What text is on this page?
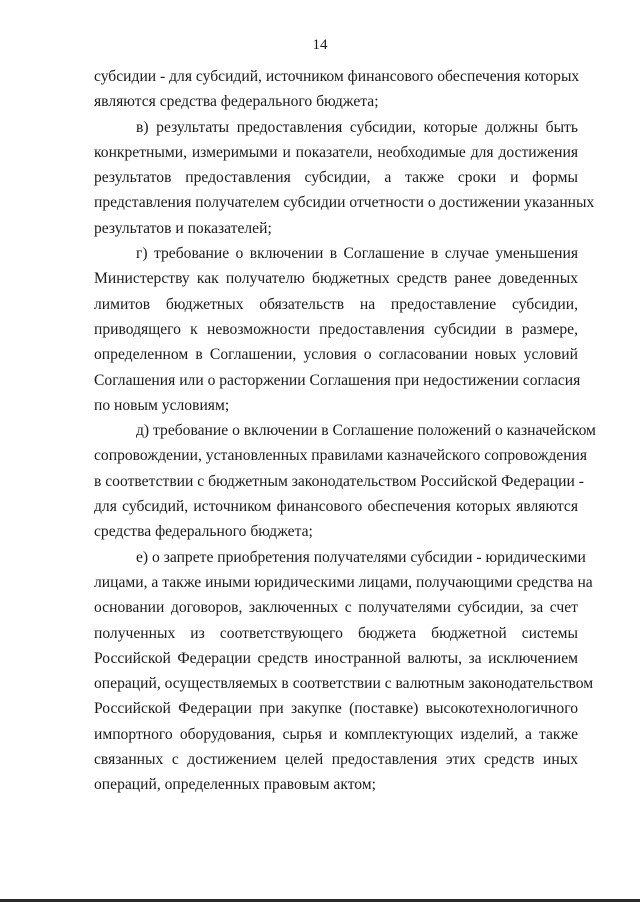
14
субсидии - для субсидий, источником финансового обеспечения которых
являются средства федерального бюджета;
в) результаты предоставления субсидии, которые должны быть
конкретными, измеримыми и показатели, необходимые для достижения
результатов предоставления субсидии, а также сроки и формы
представления получателем субсидии отчетности о достижении указанных
результатов и показателей;
г) требование о включении в Соглашение в случае уменьшения
Министерству как получателю бюджетных средств ранее доведенных
лимитов бюджетных обязательств на предоставление субсидии,
приводящего к невозможности предоставления субсидии в размере,
определенном в Соглашении, условия о согласовании новых условий
Соглашения или о расторжении Соглашения при недостижении согласия
по новым условиям;
д) требование о включении в Соглашение положений о казначейском
сопровождении, установленных правилами казначейского сопровождения
в соответствии с бюджетным законодательством Российской Федерации -
для субсидий, источником финансового обеспечения которых являются
средства федерального бюджета;
е) о запрете приобретения получателями субсидии - юридическими
лицами, а также иными юридическими лицами, получающими средства на
основании договоров, заключенных с получателями субсидии, за счет
полученных из соответствующего бюджета бюджетной системы
Российской Федерации средств иностранной валюты, за исключением
операций, осуществляемых в соответствии с валютным законодательством
Российской Федерации при закупке (поставке) высокотехнологичного
импортного оборудования, сырья и комплектующих изделий, а также
связанных с достижением целей предоставления этих средств иных
операций, определенных правовым актом;
